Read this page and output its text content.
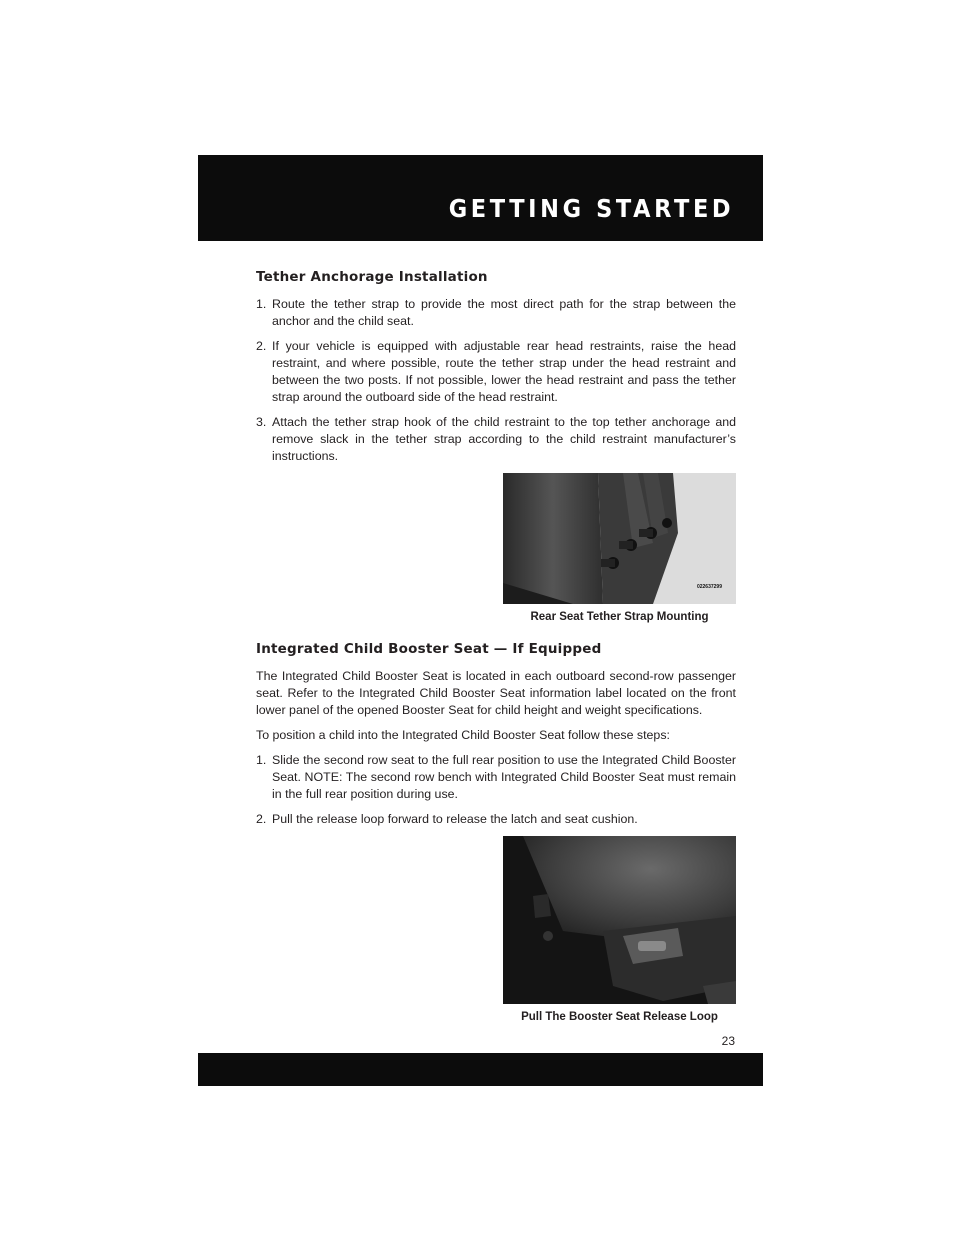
GETTING STARTED
Tether Anchorage Installation
1. Route the tether strap to provide the most direct path for the strap between the anchor and the child seat.
2. If your vehicle is equipped with adjustable rear head restraints, raise the head restraint, and where possible, route the tether strap under the head restraint and between the two posts. If not possible, lower the head restraint and pass the tether strap around the outboard side of the head restraint.
3. Attach the tether strap hook of the child restraint to the top tether anchorage and remove slack in the tether strap according to the child restraint manufacturer’s instructions.
022637299
Rear Seat Tether Strap Mounting
Integrated Child Booster Seat — If Equipped

The Integrated Child Booster Seat is located in each outboard second-row passenger seat. Refer to the Integrated Child Booster Seat information label located on the front lower panel of the opened Booster Seat for child height and weight specifications.

To position a child into the Integrated Child Booster Seat follow these steps:

1. Slide the second row seat to the full rear position to use the Integrated Child Booster Seat. NOTE: The second row bench with Integrated Child Booster Seat must remain in the full rear position during use.
2. Pull the release loop forward to release the latch and seat cushion.
Pull The Booster Seat Release Loop
23
